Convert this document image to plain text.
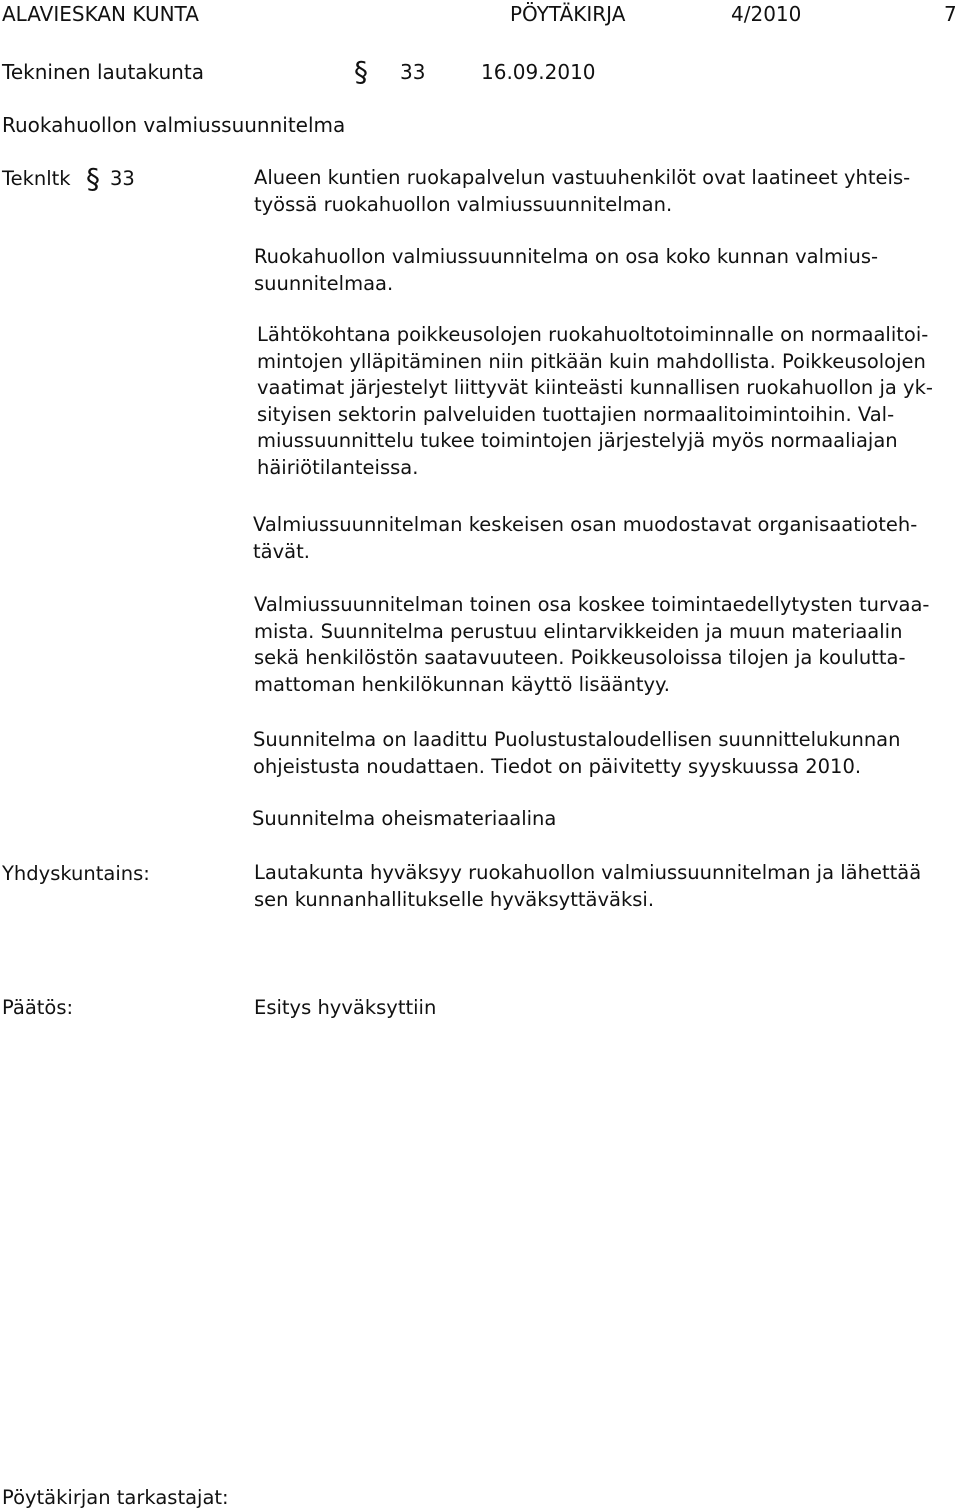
ALAVIESKAN KUNTA	PÖYTÄKIRJA	4/2010	7
Tekninen lautakunta	§ 33	16.09.2010
Ruokahuollon valmiussuunnitelma
Teknltk § 33	Alueen kuntien ruokapalvelun vastuuhenkilöt ovat laatineet yhteis-
työssä ruokahuollon valmiussuunnitelman.
Ruokahuollon valmiussuunnitelma on osa koko kunnan valmius-
suunnitelmaa.
Lähtökohtana poikkeusolojen ruokahuoltotoiminnalle on normaalitoi-
mintojen ylläpitäminen niin pitkään kuin mahdollista. Poikkeusolojen
vaatimat järjestelyt liittyvät kiinteästi kunnallisen ruokahuollon ja yk-
sityisen sektorin palveluiden tuottajien normaalitoimintoihin. Val-
miussuunnittelu tukee toimintojen järjestelyjä myös normaaliajan
häiriötilanteissa.
Valmiussuunnitelman keskeisen osan muodostavat organisaatioteh-
tävät.
Valmiussuunnitelman toinen osa koskee toimintaedellytysten turvaa-
mista. Suunnitelma perustuu elintarvikkeiden ja muun materiaalin
sekä henkilöstön saatavuuteen. Poikkeusoloissa tilojen ja koulutta-
mattoman henkilökunnan käyttö lisääntyy.
Suunnitelma on laadittu Puolustustaloudellisen suunnittelukunnan
ohjeistusta noudattaen. Tiedot on päivitetty syyskuussa 2010.
Suunnitelma oheismateriaalina
Yhdyskuntains:	Lautakunta hyväksyy ruokahuollon valmiussuunnitelman ja lähettää
sen kunnanhallitukselle hyväksyttäväksi.
Päätös:	Esitys hyväksyttiin
Pöytäkirjan tarkastajat:
